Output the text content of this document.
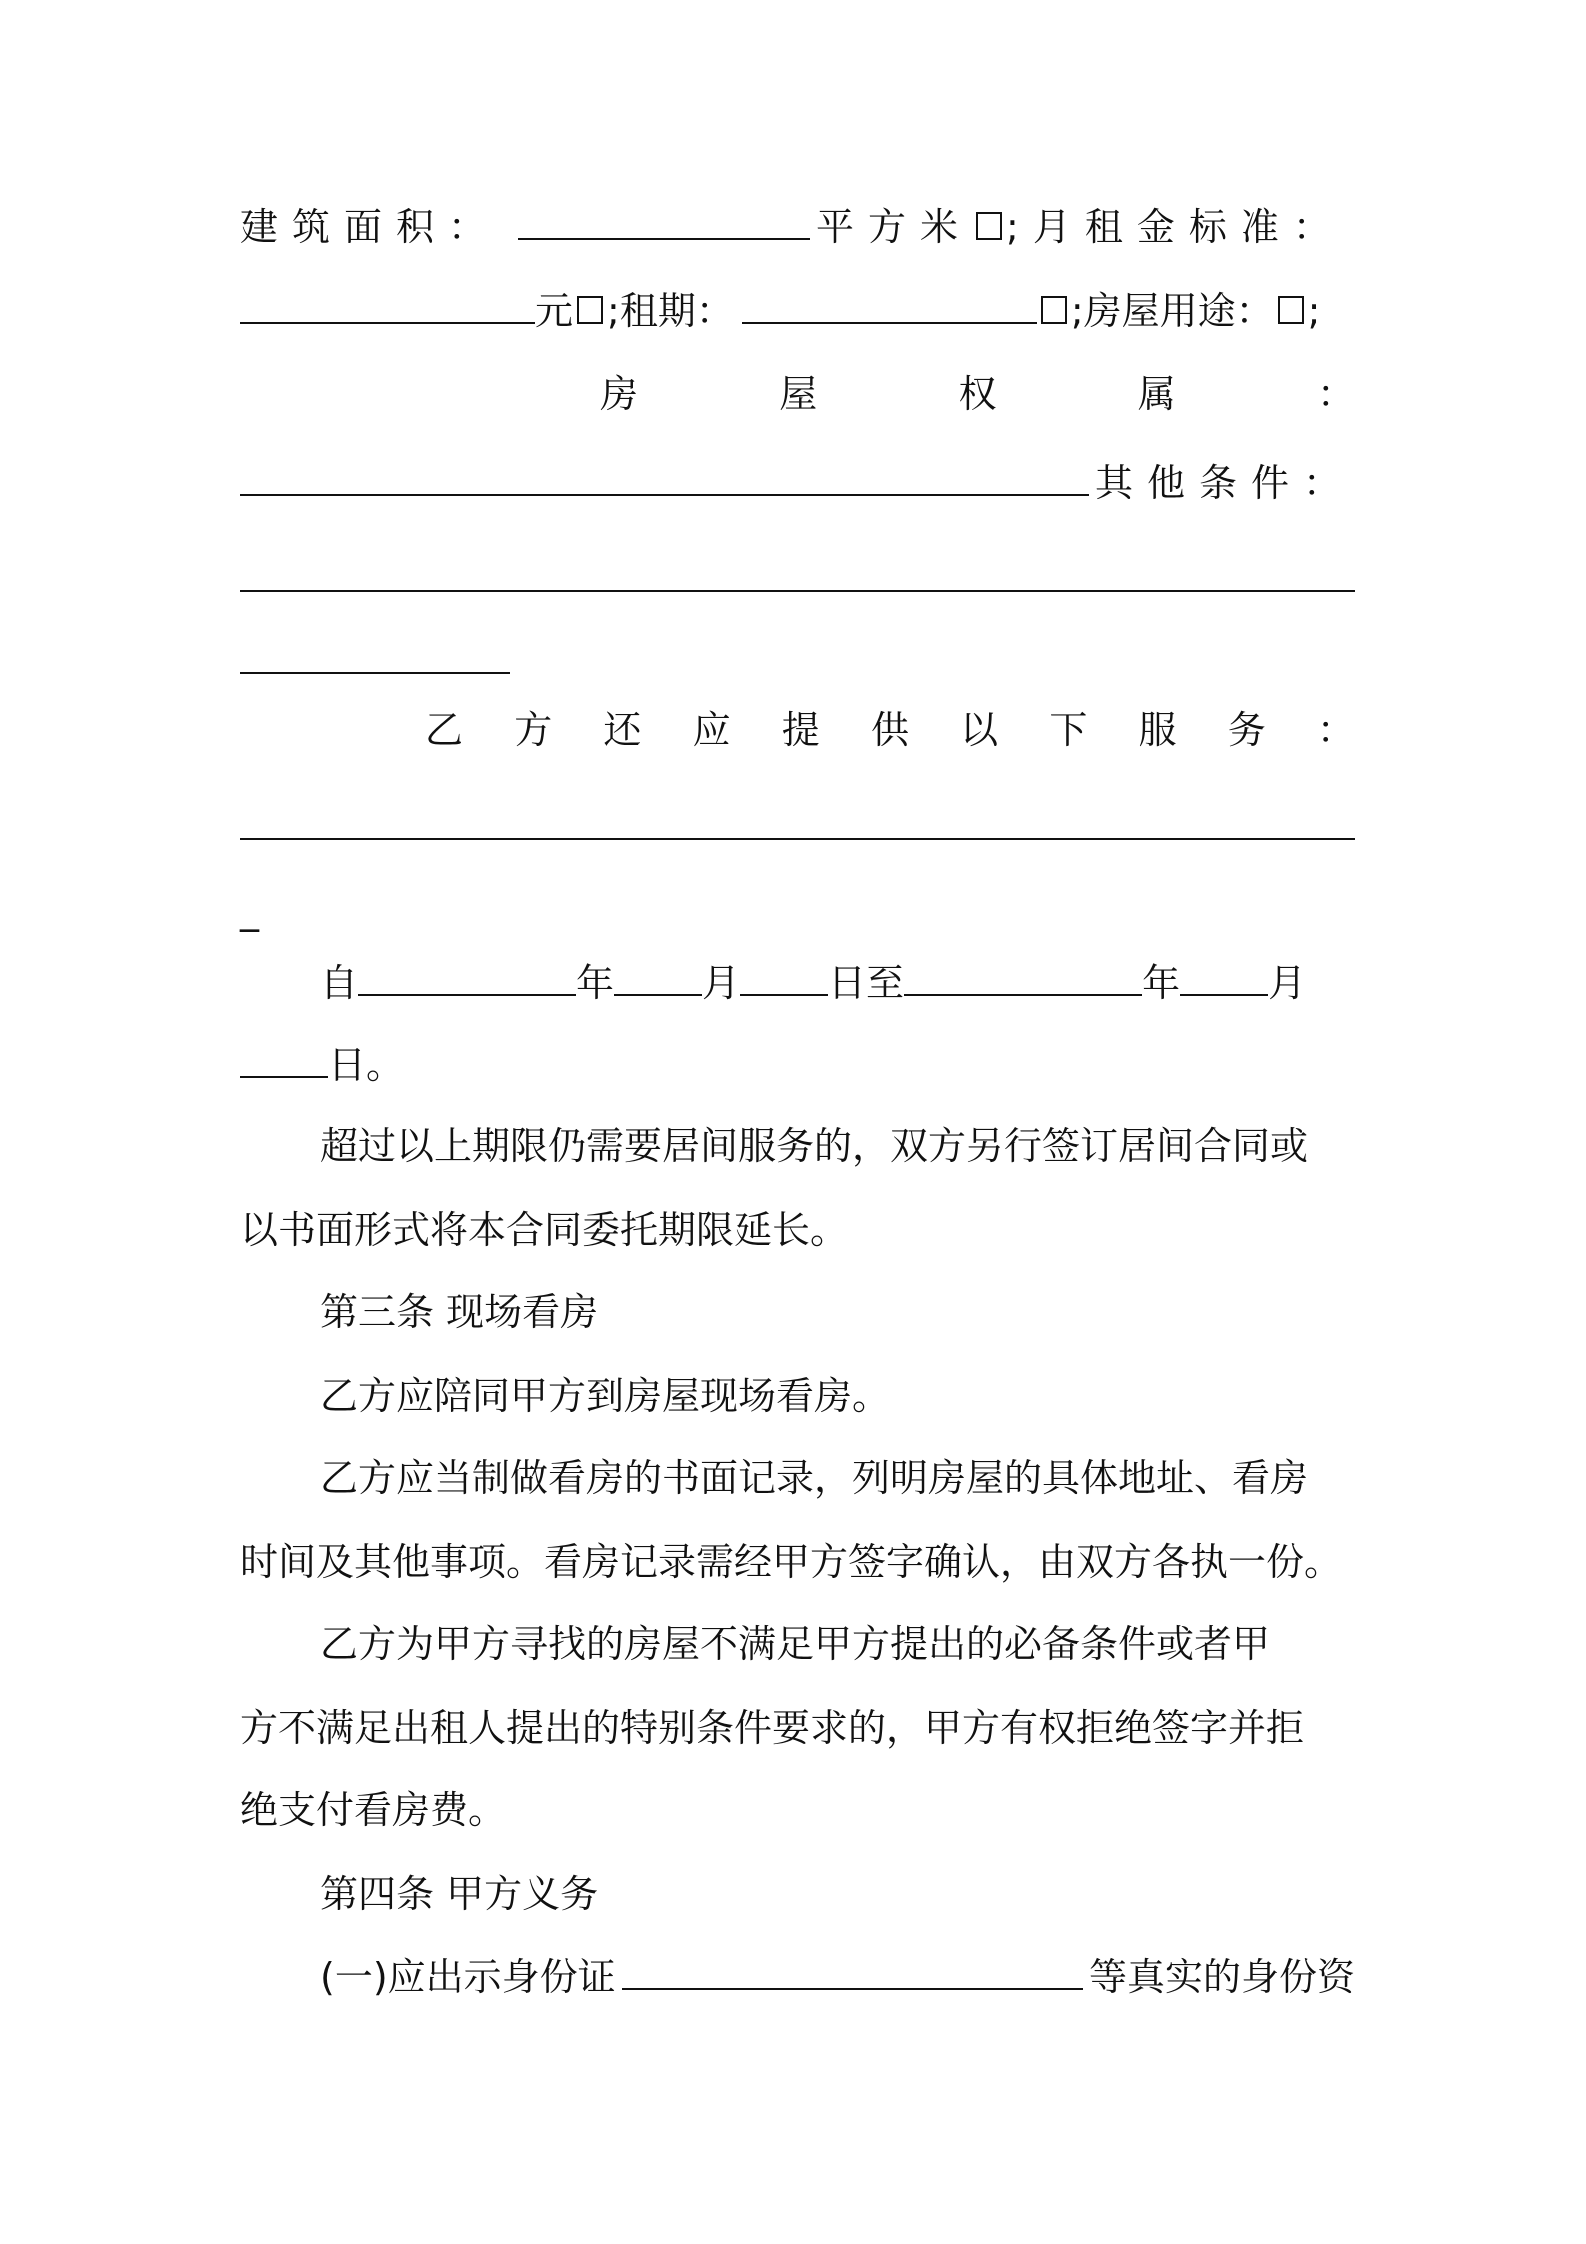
建筑面积：	平方米 ;月租金标准：
元 ;租期：	;房屋用途： ;
房	屋	权	属	：
其他条件：
乙 方 还 应 提 供 以 下 服 务 ：
_
自	年 月 日至	年 月
日。
超过以上期限仍需要居间服务的，双方另行签订居间合同或
以书面形式将本合同委托期限延长。
第三条 现场看房
乙方应陪同甲方到房屋现场看房。
乙方应当制做看房的书面记录，列明房屋的具体地址、看房
时间及其他事项。看房记录需经甲方签字确认，由双方各执一份。
乙方为甲方寻找的房屋不满足甲方提出的必备条件或者甲
方不满足出租人提出的特别条件要求的，甲方有权拒绝签字并拒
绝支付看房费。
第四条 甲方义务
(一)应出示身份证	等真实的身份资
